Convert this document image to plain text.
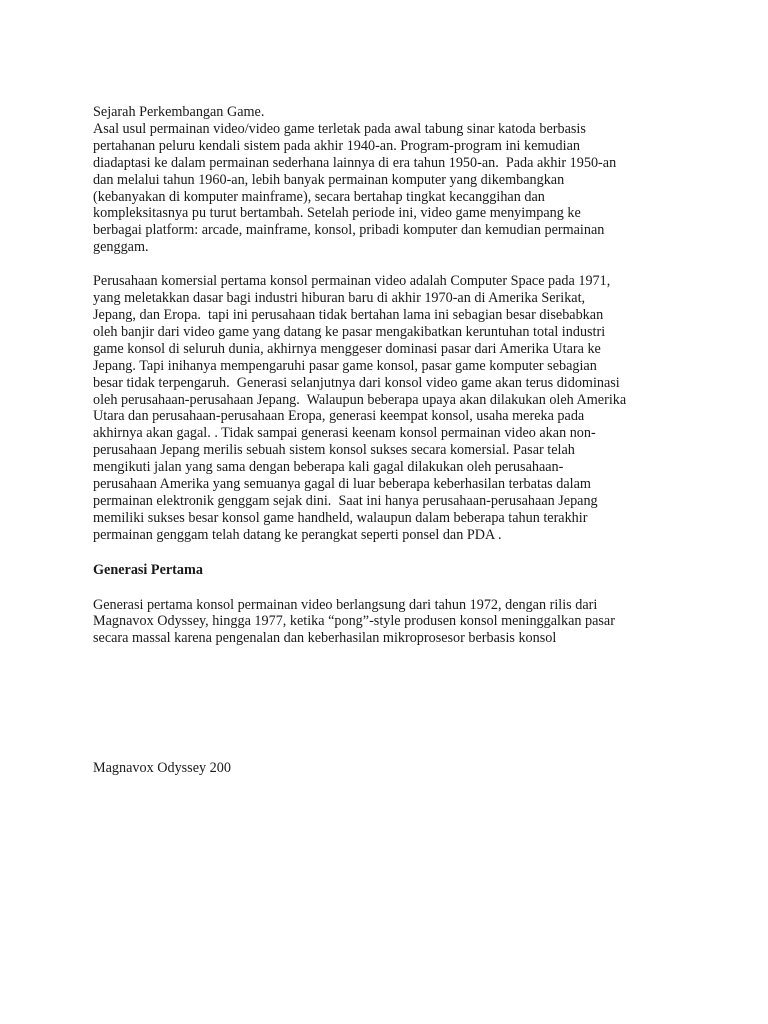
Sejarah Perkembangan Game.
Asal usul permainan video/video game terletak pada awal tabung sinar katoda berbasis
pertahanan peluru kendali sistem pada akhir 1940-an. Program-program ini kemudian
diadaptasi ke dalam permainan sederhana lainnya di era tahun 1950-an.  Pada akhir 1950-an
dan melalui tahun 1960-an, lebih banyak permainan komputer yang dikembangkan
(kebanyakan di komputer mainframe), secara bertahap tingkat kecanggihan dan
kompleksitasnya pu turut bertambah. Setelah periode ini, video game menyimpang ke
berbagai platform: arcade, mainframe, konsol, pribadi komputer dan kemudian permainan
genggam.
Perusahaan komersial pertama konsol permainan video adalah Computer Space pada 1971,
yang meletakkan dasar bagi industri hiburan baru di akhir 1970-an di Amerika Serikat,
Jepang, dan Eropa.  tapi ini perusahaan tidak bertahan lama ini sebagian besar disebabkan
oleh banjir dari video game yang datang ke pasar mengakibatkan keruntuhan total industri
game konsol di seluruh dunia, akhirnya menggeser dominasi pasar dari Amerika Utara ke
Jepang. Tapi inihanya mempengaruhi pasar game konsol, pasar game komputer sebagian
besar tidak terpengaruh.  Generasi selanjutnya dari konsol video game akan terus didominasi
oleh perusahaan-perusahaan Jepang.  Walaupun beberapa upaya akan dilakukan oleh Amerika
Utara dan perusahaan-perusahaan Eropa, generasi keempat konsol, usaha mereka pada
akhirnya akan gagal. . Tidak sampai generasi keenam konsol permainan video akan non-
perusahaan Jepang merilis sebuah sistem konsol sukses secara komersial. Pasar telah
mengikuti jalan yang sama dengan beberapa kali gagal dilakukan oleh perusahaan-
perusahaan Amerika yang semuanya gagal di luar beberapa keberhasilan terbatas dalam
permainan elektronik genggam sejak dini.  Saat ini hanya perusahaan-perusahaan Jepang
memiliki sukses besar konsol game handheld, walaupun dalam beberapa tahun terakhir
permainan genggam telah datang ke perangkat seperti ponsel dan PDA .
Generasi Pertama
Generasi pertama konsol permainan video berlangsung dari tahun 1972, dengan rilis dari
Magnavox Odyssey, hingga 1977, ketika “pong”-style produsen konsol meninggalkan pasar
secara massal karena pengenalan dan keberhasilan mikroprosesor berbasis konsol
Magnavox Odyssey 200
